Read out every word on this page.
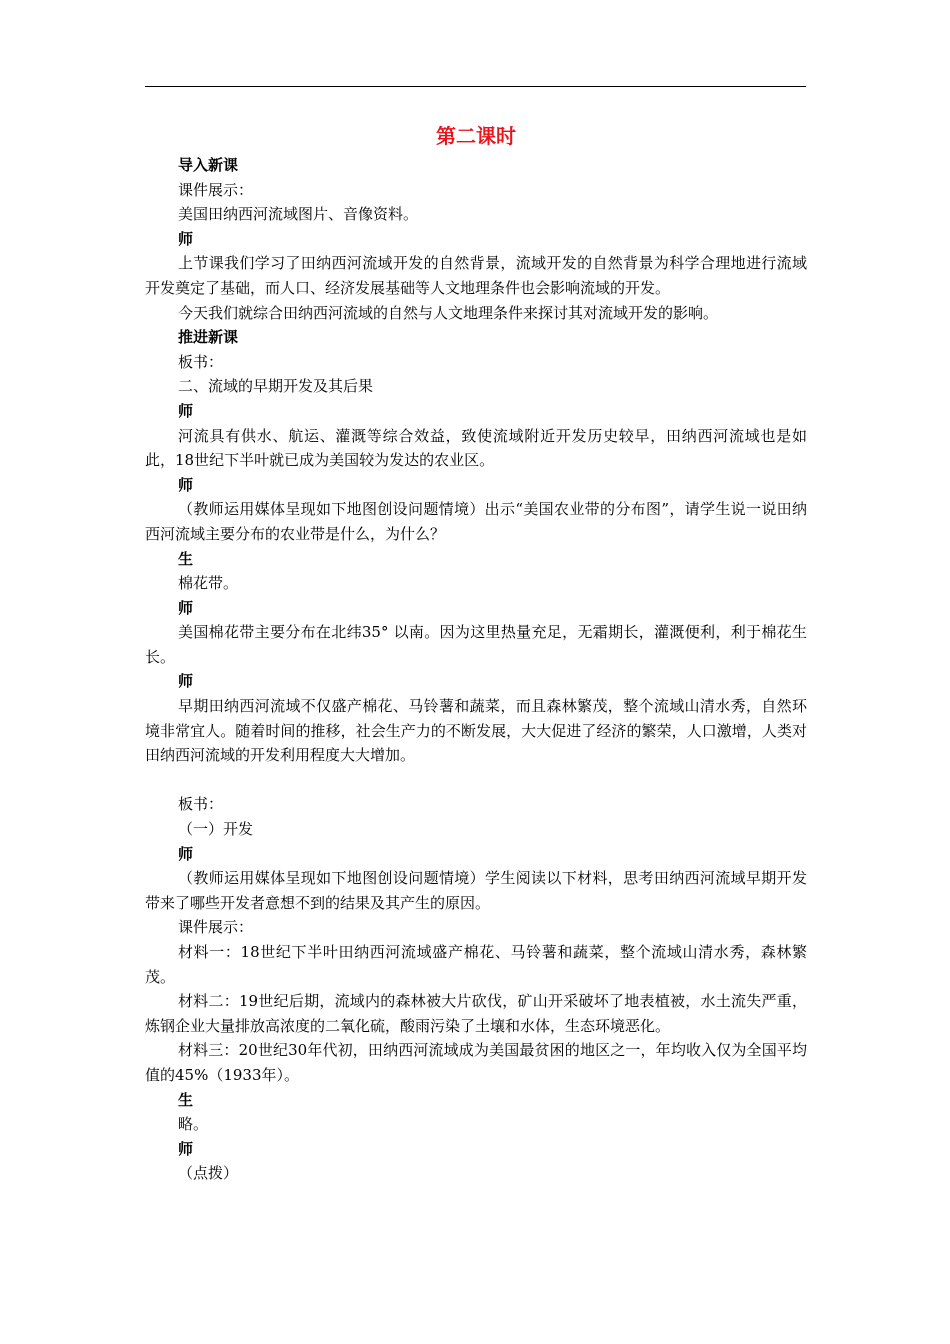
第二课时

导入新课

课件展示：

美国田纳西河流域图片、音像资料。

师

上节课我们学习了田纳西河流域开发的自然背景，流域开发的自然背景为科学合理地进行流域开发奠定了基础，而人口、经济发展基础等人文地理条件也会影响流域的开发。

今天我们就综合田纳西河流域的自然与人文地理条件来探讨其对流域开发的影响。

推进新课

板书：

二、流域的早期开发及其后果

师

河流具有供水、航运、灌溉等综合效益，致使流域附近开发历史较早，田纳西河流域也是如此，18世纪下半叶就已成为美国较为发达的农业区。

师

（教师运用媒体呈现如下地图创设问题情境）出示“美国农业带的分布图”，请学生说一说田纳西河流域主要分布的农业带是什么，为什么？

生

棉花带。

师

美国棉花带主要分布在北纬35° 以南。因为这里热量充足，无霜期长，灌溉便利，利于棉花生长。

师

早期田纳西河流域不仅盛产棉花、马铃薯和蔬菜，而且森林繁茂，整个流域山清水秀，自然环境非常宜人。随着时间的推移，社会生产力的不断发展，大大促进了经济的繁荣，人口激增，人类对田纳西河流域的开发利用程度大大增加。

板书：

（一）开发

师

（教师运用媒体呈现如下地图创设问题情境）学生阅读以下材料，思考田纳西河流域早期开发带来了哪些开发者意想不到的结果及其产生的原因。

课件展示：

材料一：18世纪下半叶田纳西河流域盛产棉花、马铃薯和蔬菜，整个流域山清水秀，森林繁茂。

材料二：19世纪后期，流域内的森林被大片砍伐，矿山开采破坏了地表植被，水土流失严重，炼钢企业大量排放高浓度的二氧化硫，酸雨污染了土壤和水体，生态环境恶化。

材料三：20世纪30年代初，田纳西河流域成为美国最贫困的地区之一，年均收入仅为全国平均值的45%（1933年）。

生

略。

师

（点拨）
